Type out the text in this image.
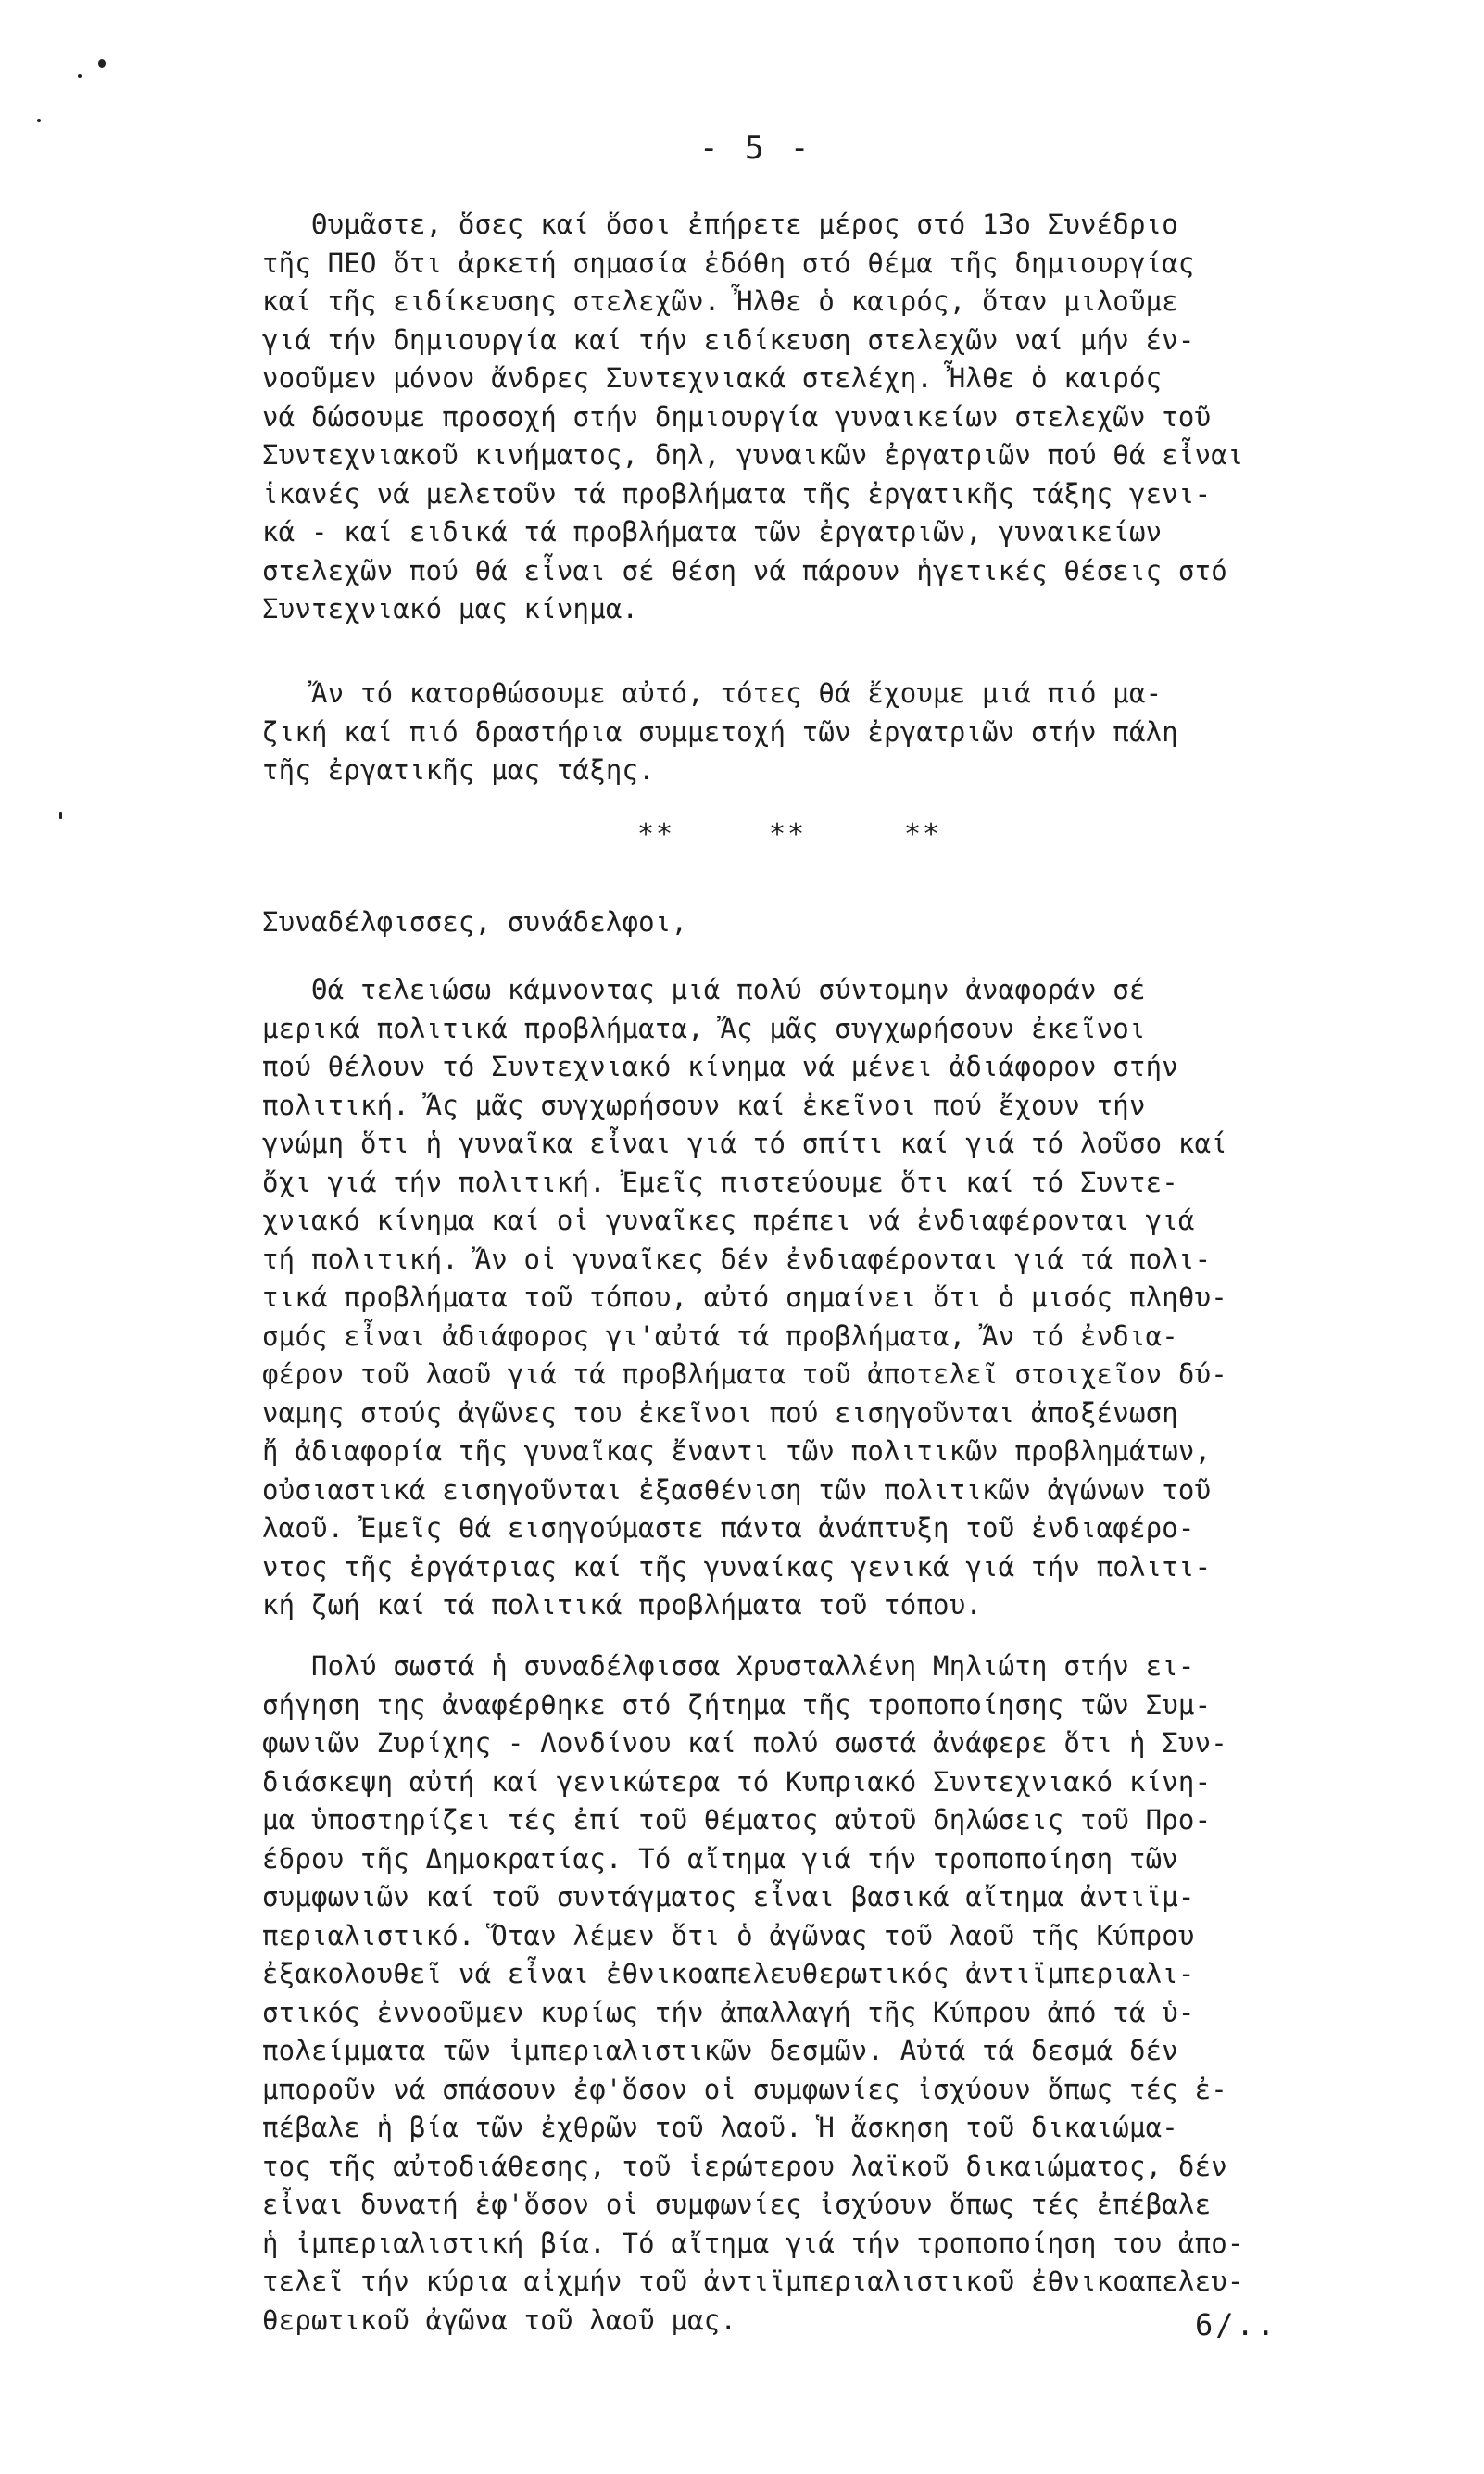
- 5 -
Θυμᾶστε, ὅσες καί ὅσοι ἐπήρετε μέρος στό 13ο Συνέδριο
τῆς ΠΕΟ ὅτι ἀρκετή σημασία ἐδόθη στό θέμα τῆς δημιουργίας
καί τῆς ειδίκευσης στελεχῶν. Ἦλθε ὁ καιρός, ὅταν μιλοῦμε
γιά τήν δημιουργία καί τήν ειδίκευση στελεχῶν ναί μήν έν-
νοοῦμεν μόνον ἄνδρες Συντεχνιακά στελέχη. Ἦλθε ὁ καιρός
νά δώσουμε προσοχή στήν δημιουργία γυναικείων στελεχῶν τοῦ
Συντεχνιακοῦ κινήματος, δηλ, γυναικῶν ἐργατριῶν πού θά εἶναι
ἱκανές νά μελετοῦν τά προβλήματα τῆς ἐργατικῆς τάξης γενι-
κά - καί ειδικά τά προβλήματα τῶν ἐργατριῶν, γυναικείων
στελεχῶν πού θά εἶναι σέ θέση νά πάρουν ἡγετικές θέσεις στό
Συντεχνιακό μας κίνημα.
Ἄν τό κατορθώσουμε αὐτό, τότες θά ἔχουμε μιά πιό μα-
ζική καί πιό δραστήρια συμμετοχή τῶν ἐργατριῶν στήν πάλη
τῆς ἐργατικῆς μας τάξης.
**	**	**
Συναδέλφισσες, συνάδελφοι,
Θά τελειώσω κάμνοντας μιά πολύ σύντομην ἀναφοράν σέ
μερικά πολιτικά προβλήματα, Ἄς μᾶς συγχωρήσουν ἐκεῖνοι
πού θέλουν τό Συντεχνιακό κίνημα νά μένει ἀδιάφορον στήν
πολιτική. Ἄς μᾶς συγχωρήσουν καί ἐκεῖνοι πού ἔχουν τήν
γνώμη ὅτι ἡ γυναῖκα εἶναι γιά τό σπίτι καί γιά τό λοῦσο καί
ὄχι γιά τήν πολιτική. Ἐμεῖς πιστεύουμε ὅτι καί τό Συντε-
χνιακό κίνημα καί οἱ γυναῖκες πρέπει νά ἐνδιαφέρονται γιά
τή πολιτική. Ἄν οἱ γυναῖκες δέν ἐνδιαφέρονται γιά τά πολι-
τικά προβλήματα τοῦ τόπου, αὐτό σημαίνει ὅτι ὁ μισός πληθυ-
σμός εἶναι ἀδιάφορος γι'αὐτά τά προβλήματα, Ἄν τό ἐνδια-
φέρον τοῦ λαοῦ γιά τά προβλήματα τοῦ ἀποτελεῖ στοιχεῖον δύ-
ναμης στούς ἀγῶνες του ἐκεῖνοι πού εισηγοῦνται ἀποξένωση
ἤ ἀδιαφορία τῆς γυναῖκας ἔναντι τῶν πολιτικῶν προβλημάτων,
οὐσιαστικά εισηγοῦνται ἐξασθένιση τῶν πολιτικῶν ἀγώνων τοῦ
λαοῦ. Ἐμεῖς θά εισηγούμαστε πάντα ἀνάπτυξη τοῦ ἐνδιαφέρο-
ντος τῆς ἐργάτριας καί τῆς γυναίκας γενικά γιά τήν πολιτι-
κή ζωή καί τά πολιτικά προβλήματα τοῦ τόπου.
Πολύ σωστά ἡ συναδέλφισσα Χρυσταλλένη Μηλιώτη στήν ει-
σήγηση της ἀναφέρθηκε στό ζήτημα τῆς τροποποίησης τῶν Συμ-
φωνιῶν Ζυρίχης - Λονδίνου καί πολύ σωστά ἀνάφερε ὅτι ἡ Συν-
διάσκεψη αὐτή καί γενικώτερα τό Κυπριακό Συντεχνιακό κίνη-
μα ὑποστηρίζει τές ἐπί τοῦ θέματος αὐτοῦ δηλώσεις τοῦ Προ-
έδρου τῆς Δημοκρατίας. Τό αἴτημα γιά τήν τροποποίηση τῶν
συμφωνιῶν καί τοῦ συντάγματος εἶναι βασικά αἴτημα ἀντιϊμ-
περιαλιστικό. Ὅταν λέμεν ὅτι ὁ ἀγῶνας τοῦ λαοῦ τῆς Κύπρου
ἐξακολουθεῖ νά εἶναι ἐθνικοαπελευθερωτικός ἀντιϊμπεριαλι-
στικός ἐννοοῦμεν κυρίως τήν ἀπαλλαγή τῆς Κύπρου ἀπό τά ὑ-
πολείμματα τῶν ἰμπεριαλιστικῶν δεσμῶν. Αὐτά τά δεσμά δέν
μποροῦν νά σπάσουν ἐφ'ὅσον οἱ συμφωνίες ἰσχύουν ὅπως τές ἐ-
πέβαλε ἡ βία τῶν ἐχθρῶν τοῦ λαοῦ. Ἡ ἄσκηση τοῦ δικαιώμα-
τος τῆς αὐτοδιάθεσης, τοῦ ἱερώτερου λαϊκοῦ δικαιώματος, δέν
εἶναι δυνατή ἐφ'ὅσον οἱ συμφωνίες ἰσχύουν ὅπως τές ἐπέβαλε
ἡ ἰμπεριαλιστική βία. Τό αἴτημα γιά τήν τροποποίηση του ἀπο-
τελεῖ τήν κύρια αἰχμήν τοῦ ἀντιϊμπεριαλιστικοῦ ἐθνικοαπελευ-
θερωτικοῦ ἀγῶνα τοῦ λαοῦ μας.	6/..
